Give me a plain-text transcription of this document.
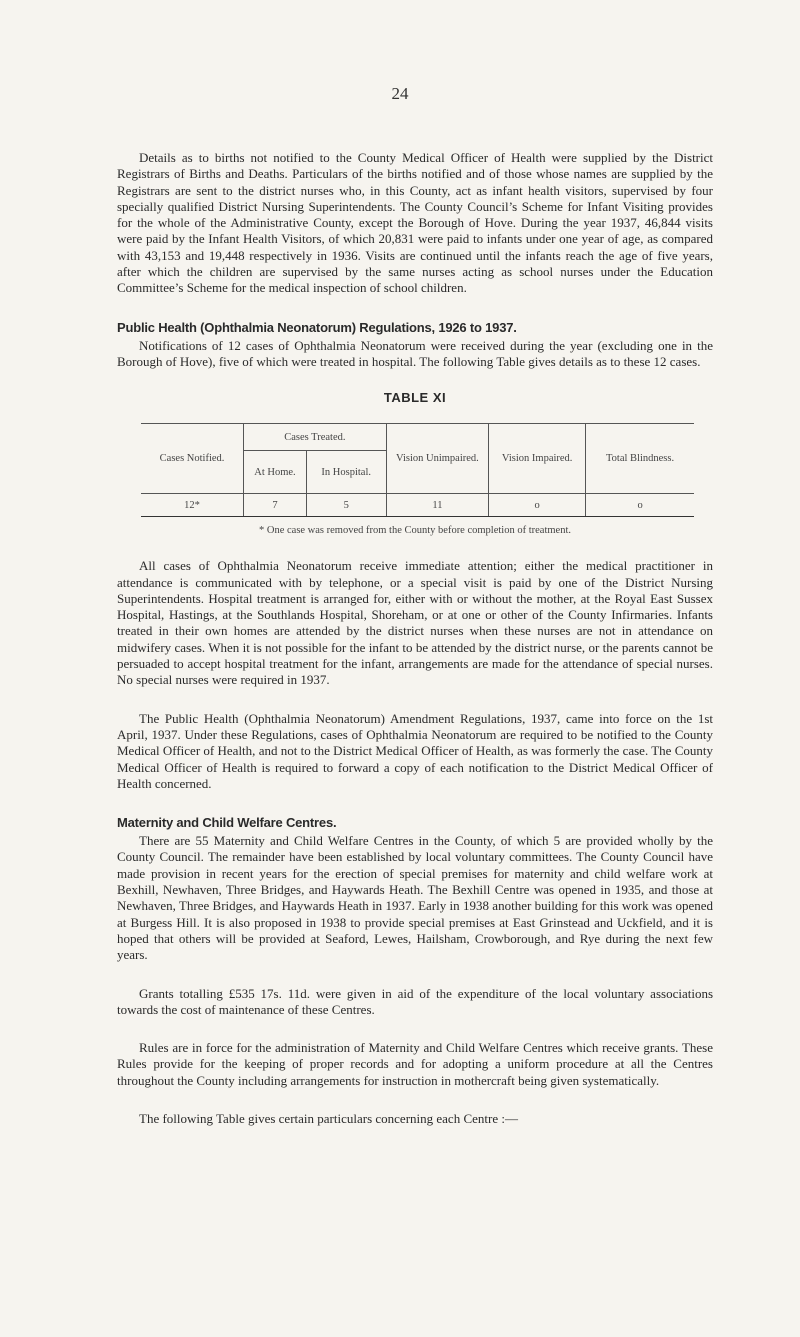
24

Details as to births not notified to the County Medical Officer of Health were supplied by the District Registrars of Births and Deaths. Particulars of the births notified and of those whose names are supplied by the Registrars are sent to the district nurses who, in this County, act as infant health visitors, supervised by four specially qualified District Nursing Superintendents. The County Council’s Scheme for Infant Visiting provides for the whole of the Administrative County, except the Borough of Hove. During the year 1937, 46,844 visits were paid by the Infant Health Visitors, of which 20,831 were paid to infants under one year of age, as compared with 43,153 and 19,448 respectively in 1936. Visits are continued until the infants reach the age of five years, after which the children are supervised by the same nurses acting as school nurses under the Education Committee’s Scheme for the medical inspection of school children.

Public Health (Ophthalmia Neonatorum) Regulations, 1926 to 1937.

Notifications of 12 cases of Ophthalmia Neonatorum were received during the year (excluding one in the Borough of Hove), five of which were treated in hospital. The following Table gives details as to these 12 cases.

TABLE XI
Cases Notified.	Cases Treated.		Vision Unimpaired.	Vision Impaired.	Total Blindness.
	At Home.	In Hospital.			
12*	7	5	11	o	o
* One case was removed from the County before completion of treatment.

All cases of Ophthalmia Neonatorum receive immediate attention; either the medical practitioner in attendance is communicated with by telephone, or a special visit is paid by one of the District Nursing Superintendents. Hospital treatment is arranged for, either with or without the mother, at the Royal East Sussex Hospital, Hastings, at the Southlands Hospital, Shoreham, or at one or other of the County Infirmaries. Infants treated in their own homes are attended by the district nurses when these nurses are not in attendance on midwifery cases. When it is not possible for the infant to be attended by the district nurse, or the parents cannot be persuaded to accept hospital treatment for the infant, arrangements are made for the attendance of special nurses. No special nurses were required in 1937.

The Public Health (Ophthalmia Neonatorum) Amendment Regulations, 1937, came into force on the 1st April, 1937. Under these Regulations, cases of Ophthalmia Neonatorum are required to be notified to the County Medical Officer of Health, and not to the District Medical Officer of Health, as was formerly the case. The County Medical Officer of Health is required to forward a copy of each notification to the District Medical Officer of Health concerned.

Maternity and Child Welfare Centres.

There are 55 Maternity and Child Welfare Centres in the County, of which 5 are provided wholly by the County Council. The remainder have been established by local voluntary committees. The County Council have made provision in recent years for the erection of special premises for maternity and child welfare work at Bexhill, Newhaven, Three Bridges, and Haywards Heath. The Bexhill Centre was opened in 1935, and those at Newhaven, Three Bridges, and Haywards Heath in 1937. Early in 1938 another building for this work was opened at Burgess Hill. It is also proposed in 1938 to provide special premises at East Grinstead and Uckfield, and it is hoped that others will be provided at Seaford, Lewes, Hailsham, Crowborough, and Rye during the next few years.

Grants totalling £535 17s. 11d. were given in aid of the expenditure of the local voluntary associations towards the cost of maintenance of these Centres.

Rules are in force for the administration of Maternity and Child Welfare Centres which receive grants. These Rules provide for the keeping of proper records and for adopting a uniform procedure at all the Centres throughout the County including arrangements for instruction in mothercraft being given systematically.

The following Table gives certain particulars concerning each Centre :—
